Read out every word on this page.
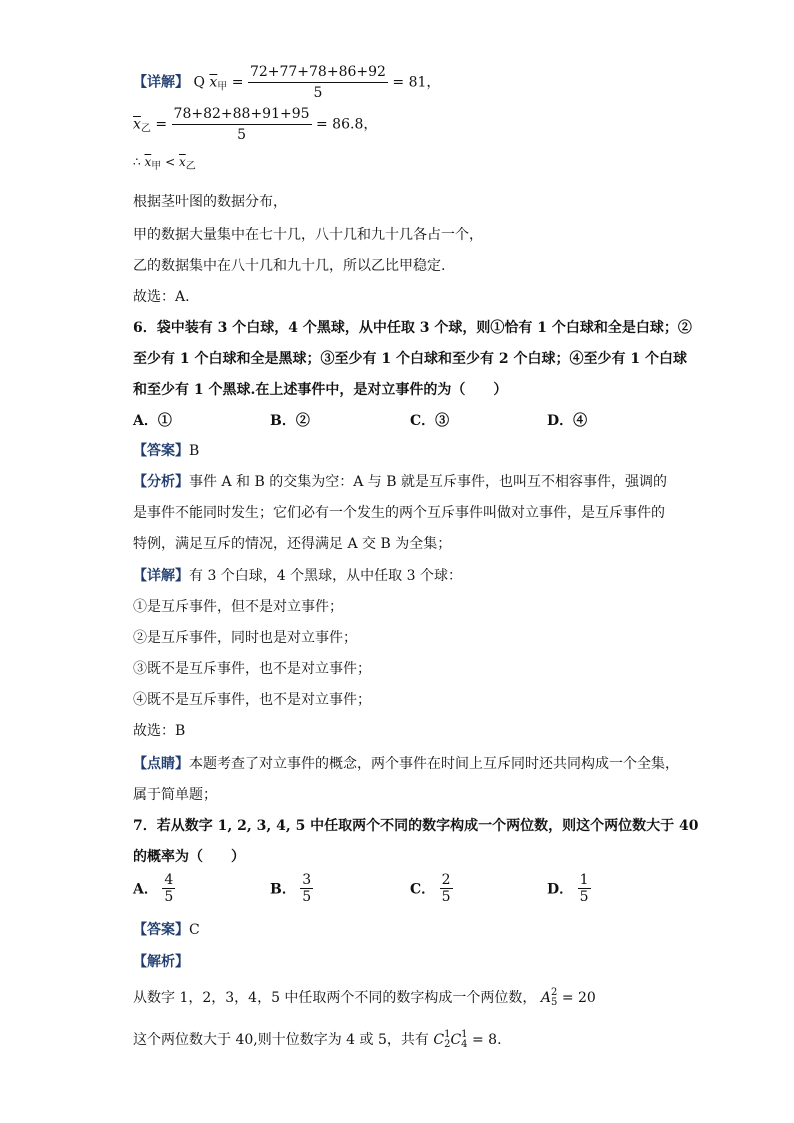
【详解】 Q $\overline{x}_甲 = \frac{72+77+78+86+92}{5} = 81$，
$\overline{x}_乙 = \frac{78+82+88+91+95}{5} = 86.8$，
∴ $\overline{x}_甲 < \overline{x}_乙$
根据茎叶图的数据分布，
甲的数据大量集中在七十几，八十几和九十几各占一个，
乙的数据集中在八十几和九十几，所以乙比甲稳定.
故选：A.
6．袋中装有 3 个白球，4 个黑球，从中任取 3 个球，则①恰有 1 个白球和全是白球；②
至少有 1 个白球和全是黑球；③至少有 1 个白球和至少有 2 个白球；④至少有 1 个白球
和至少有 1 个黑球.在上述事件中，是对立事件的为（　　）
A．①	B．②	C．③	D．④
【答案】B
【分析】事件 A 和 B 的交集为空：A 与 B 就是互斥事件，也叫互不相容事件，强调的
是事件不能同时发生；它们必有一个发生的两个互斥事件叫做对立事件，是互斥事件的
特例，满足互斥的情况，还得满足 A 交 B 为全集；
【详解】有 3 个白球，4 个黑球，从中任取 3 个球：
①是互斥事件，但不是对立事件；
②是互斥事件，同时也是对立事件；
③既不是互斥事件，也不是对立事件；
④既不是互斥事件，也不是对立事件；
故选：B
【点睛】本题考查了对立事件的概念，两个事件在时间上互斥同时还共同构成一个全集，
属于简单题；
7．若从数字 1, 2, 3, 4, 5 中任取两个不同的数字构成一个两位数，则这个两位数大于 40
的概率为（　　）
A． $\frac{4}{5}$	B． $\frac{3}{5}$	C． $\frac{2}{5}$	D． $\frac{1}{5}$
【答案】C
【解析】
从数字 1，2，3，4，5 中任取两个不同的数字构成一个两位数， A 2
5 = 20
这个两位数大于 40,则十位数字为 4 或 5，共有 C 1
2 C 1
4 = 8.
